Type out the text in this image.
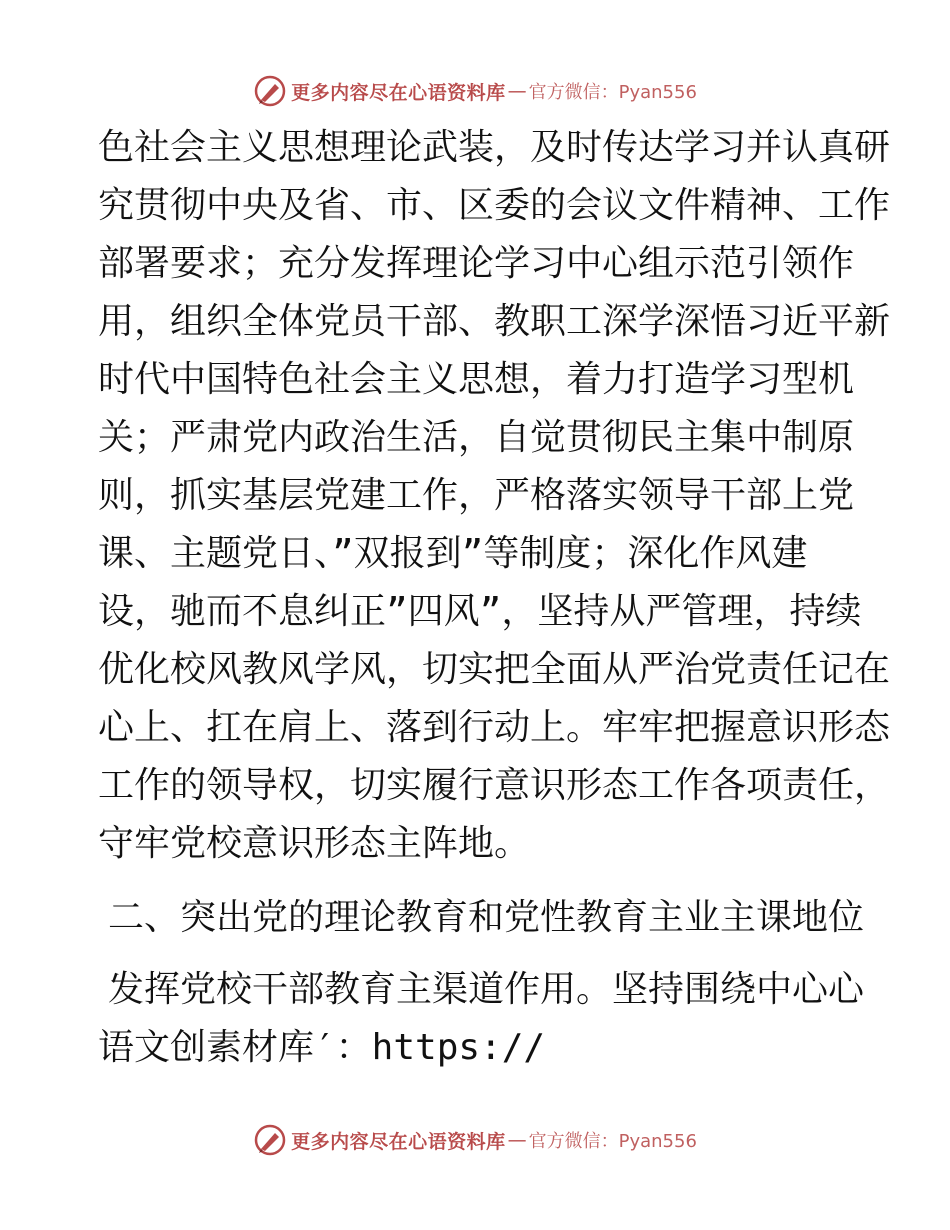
更多内容尽在心语资料库 — 官方微信：Pyan556
色社会主义思想理论武装，及时传达学习并认真研
究贯彻中央及省、市、区委的会议文件精神、工作
部署要求；充分发挥理论学习中心组示范引领作
用，组织全体党员干部、教职工深学深悟习近平新
时代中国特色社会主义思想，着力打造学习型机
关；严肃党内政治生活，自觉贯彻民主集中制原
则，抓实基层党建工作，严格落实领导干部上党
课、主题党日、”双报到”等制度；深化作风建
设，驰而不息纠正”四风”，坚持从严管理，持续
优化校风教风学风，切实把全面从严治党责任记在
心上、扛在肩上、落到行动上。牢牢把握意识形态
工作的领导权，切实履行意识形态工作各项责任，
守牢党校意识形态主阵地。
二、突出党的理论教育和党性教育主业主课地位
发挥党校干部教育主渠道作用。坚持围绕中心心
语文创素材库′：https://
更多内容尽在心语资料库 — 官方微信：Pyan556
